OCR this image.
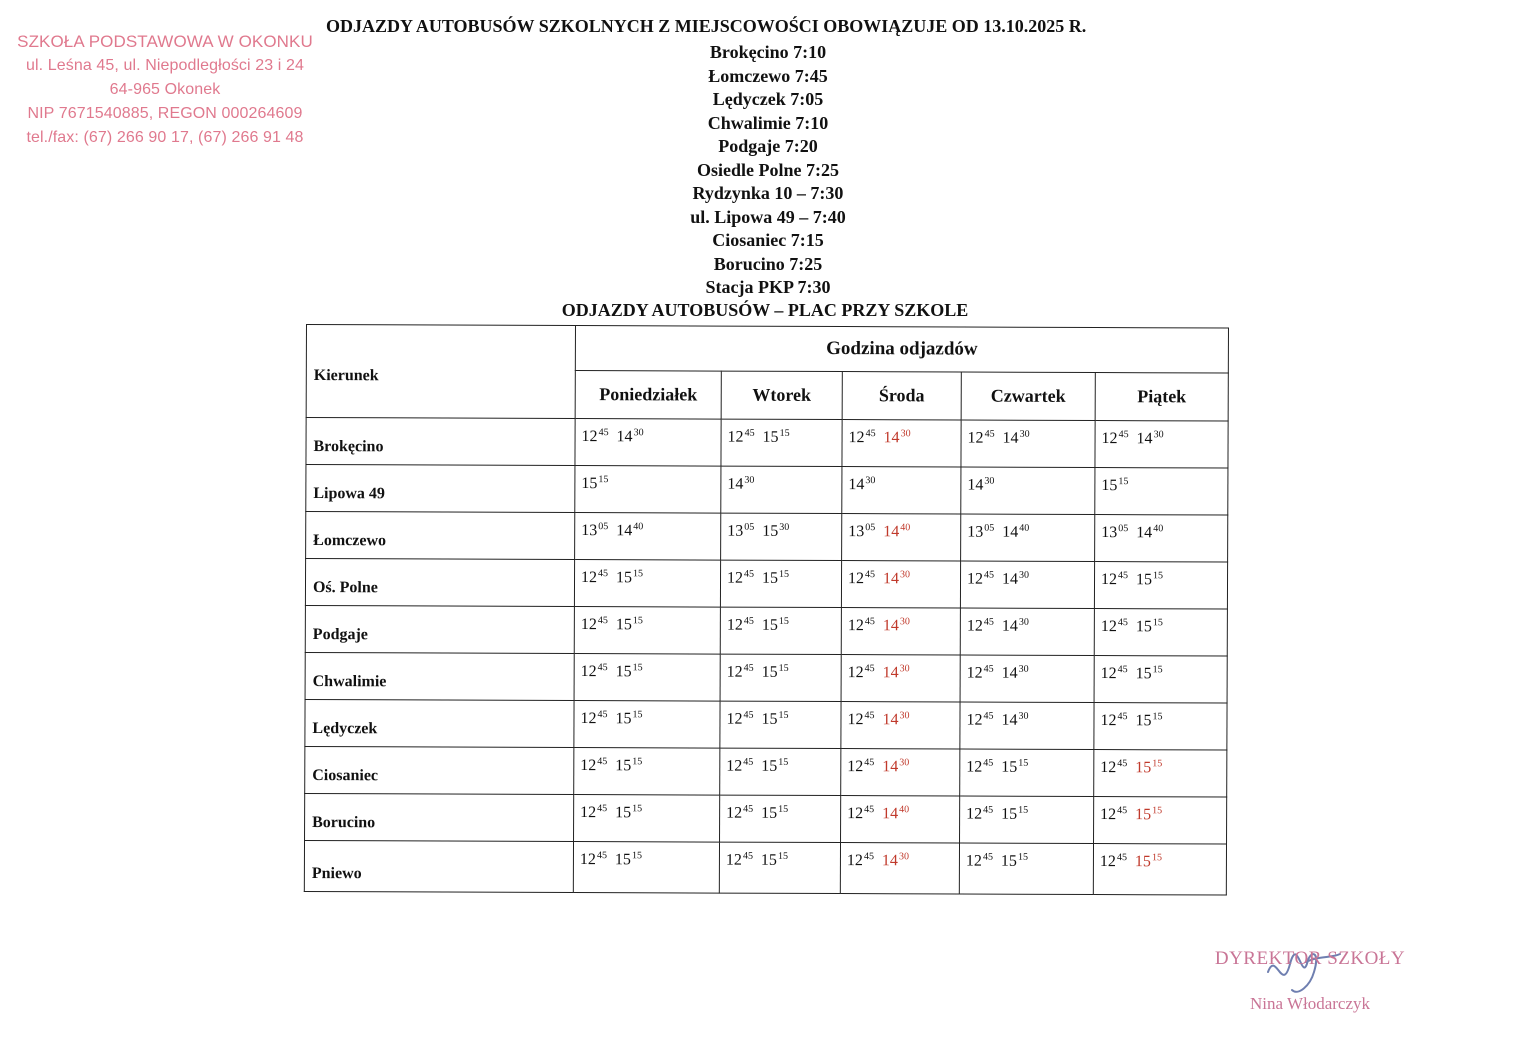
SZKOŁA PODSTAWOWA W OKONKU
ul. Leśna 45, ul. Niepodległości 23 i 24
64-965 Okonek
NIP 7671540885, REGON 000264609
tel./fax: (67) 266 90 17, (67) 266 91 48
ODJAZDY AUTOBUSÓW SZKOLNYCH Z MIEJSCOWOŚCI OBOWIĄZUJE OD 13.10.2025 R.
Brokęcino 7:10
Łomczewo 7:45
Lędyczek 7:05
Chwalimie 7:10
Podgaje 7:20
Osiedle Polne 7:25
Rydzynka 10 – 7:30
ul. Lipowa 49 – 7:40
Ciosaniec 7:15
Borucino 7:25
Stacja PKP 7:30
ODJAZDY AUTOBUSÓW – PLAC PRZY SZKOLE
Kierunek	Godzina odjazdów				
	Poniedziałek	Wtorek	Środa	Czwartek	Piątek
Brokęcino	$12^{45}$ $14^{30}$	$12^{45}$ $15^{15}$	$12^{45}$ $14^{30}$	$12^{45}$ $14^{30}$	$12^{45}$ $14^{30}$
Lipowa 49	$15^{15}$	$14^{30}$	$14^{30}$	$14^{30}$	$15^{15}$
Łomczewo	$13^{05}$ $14^{40}$	$13^{05}$ $15^{30}$	$13^{05}$ $14^{40}$	$13^{05}$ $14^{40}$	$13^{05}$ $14^{40}$
Oś. Polne	$12^{45}$ $15^{15}$	$12^{45}$ $15^{15}$	$12^{45}$ $14^{30}$	$12^{45}$ $14^{30}$	$12^{45}$ $15^{15}$
Podgaje	$12^{45}$ $15^{15}$	$12^{45}$ $15^{15}$	$12^{45}$ $14^{30}$	$12^{45}$ $14^{30}$	$12^{45}$ $15^{15}$
Chwalimie	$12^{45}$ $15^{15}$	$12^{45}$ $15^{15}$	$12^{45}$ $14^{30}$	$12^{45}$ $14^{30}$	$12^{45}$ $15^{15}$
Lędyczek	$12^{45}$ $15^{15}$	$12^{45}$ $15^{15}$	$12^{45}$ $14^{30}$	$12^{45}$ $14^{30}$	$12^{45}$ $15^{15}$
Ciosaniec	$12^{45}$ $15^{15}$	$12^{45}$ $15^{15}$	$12^{45}$ $14^{30}$	$12^{45}$ $15^{15}$	$12^{45}$ $15^{15}$
Borucino	$12^{45}$ $15^{15}$	$12^{45}$ $15^{15}$	$12^{45}$ $14^{40}$	$12^{45}$ $15^{15}$	$12^{45}$ $15^{15}$
Pniewo	$12^{45}$ $15^{15}$	$12^{45}$ $15^{15}$	$12^{45}$ $14^{30}$	$12^{45}$ $15^{15}$	$12^{45}$ $15^{15}$
DYREKTOR SZKOŁY
Nina Włodarczyk
